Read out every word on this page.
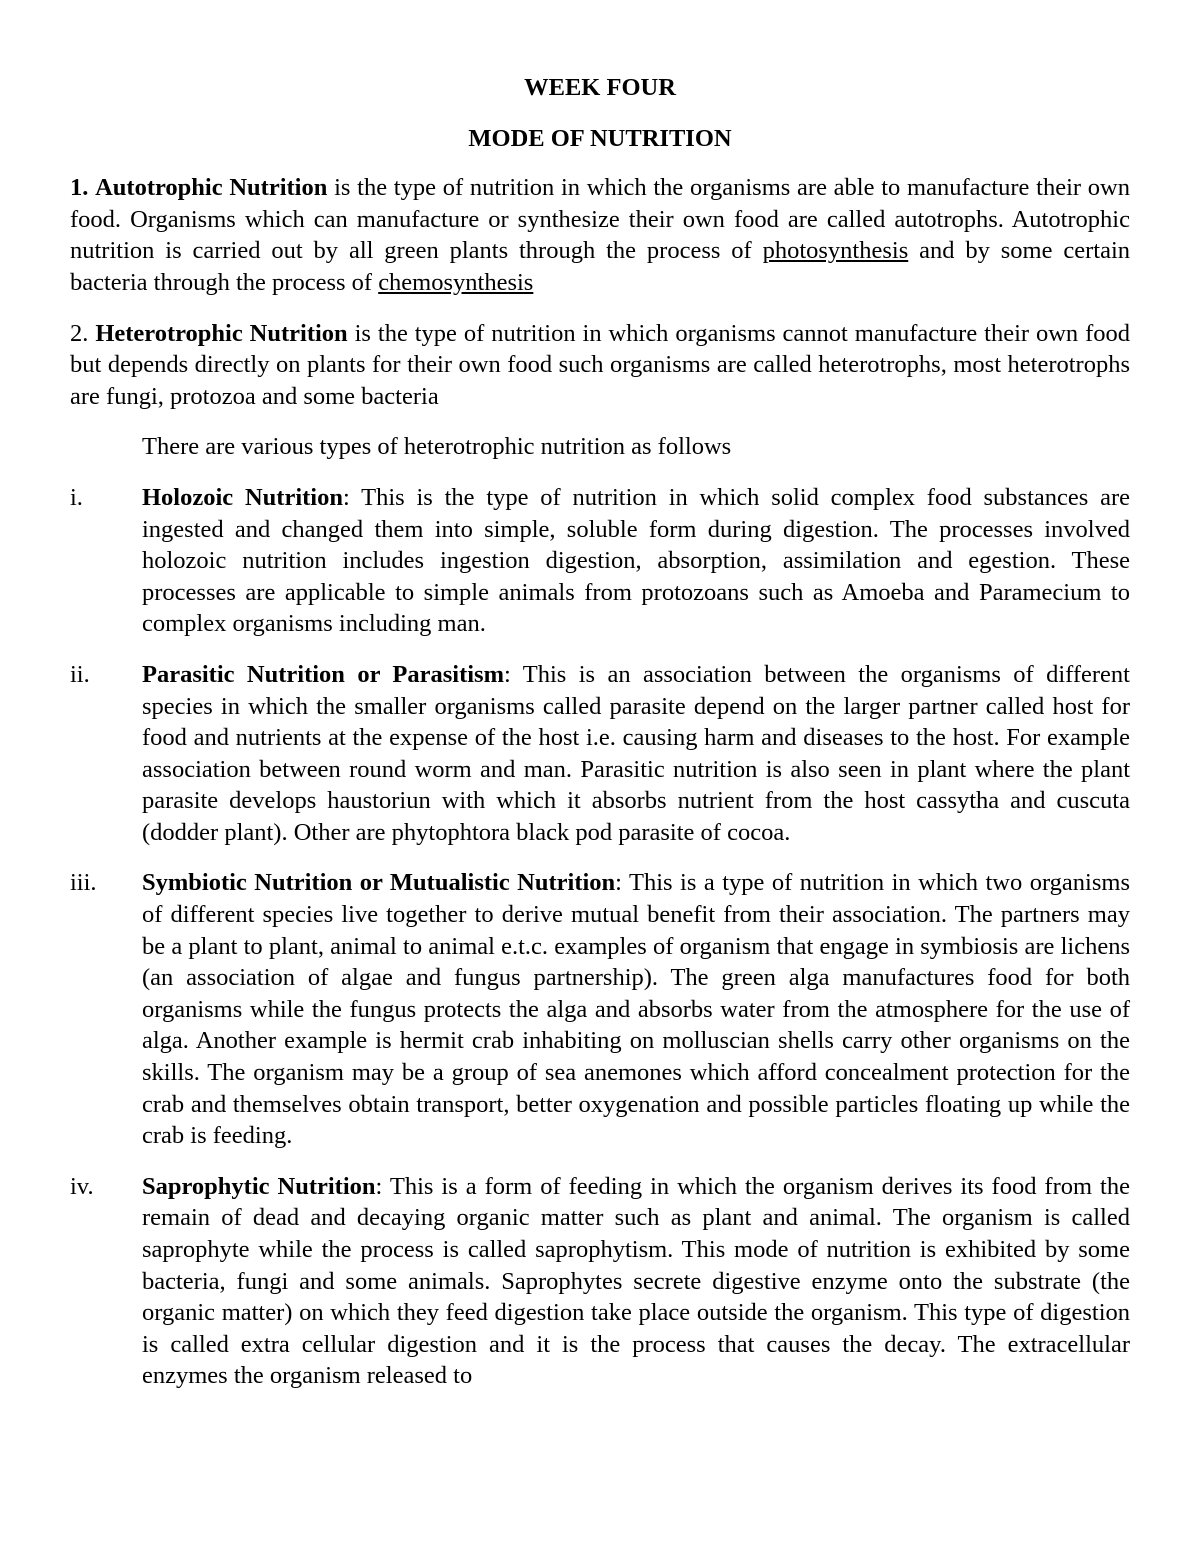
WEEK FOUR

MODE OF NUTRITION

1. Autotrophic Nutrition is the type of nutrition in which the organisms are able to manufacture their own food. Organisms which can manufacture or synthesize their own food are called autotrophs. Autotrophic nutrition is carried out by all green plants through the process of photosynthesis and by some certain bacteria through the process of chemosynthesis

2. Heterotrophic Nutrition is the type of nutrition in which organisms cannot manufacture their own food but depends directly on plants for their own food such organisms are called heterotrophs, most heterotrophs are fungi, protozoa and some bacteria

There are various types of heterotrophic nutrition as follows

i.	Holozoic Nutrition: This is the type of nutrition in which solid complex food substances are ingested and changed them into simple, soluble form during digestion. The processes involved holozoic nutrition includes ingestion digestion, absorption, assimilation and egestion. These processes are applicable to simple animals from protozoans such as Amoeba and Paramecium to complex organisms including man.
ii.	Parasitic Nutrition or Parasitism: This is an association between the organisms of different species in which the smaller organisms called parasite depend on the larger partner called host for food and nutrients at the expense of the host i.e. causing harm and diseases to the host. For example association between round worm and man. Parasitic nutrition is also seen in plant where the plant parasite develops haustoriun with which it absorbs nutrient from the host cassytha and cuscuta (dodder plant). Other are phytophtora black pod parasite of cocoa.
iii.	Symbiotic Nutrition or Mutualistic Nutrition: This is a type of nutrition in which two organisms of different species live together to derive mutual benefit from their association. The partners may be a plant to plant, animal to animal e.t.c. examples of organism that engage in symbiosis are lichens (an association of algae and fungus partnership). The green alga manufactures food for both organisms while the fungus protects the alga and absorbs water from the atmosphere for the use of alga. Another example is hermit crab inhabiting on molluscian shells carry other organisms on the skills. The organism may be a group of sea anemones which afford concealment protection for the crab and themselves obtain transport, better oxygenation and possible particles floating up while the crab is feeding.
iv.	Saprophytic Nutrition: This is a form of feeding in which the organism derives its food from the remain of dead and decaying organic matter such as plant and animal. The organism is called saprophyte while the process is called saprophytism. This mode of nutrition is exhibited by some bacteria, fungi and some animals. Saprophytes secrete digestive enzyme onto the substrate (the organic matter) on which they feed digestion take place outside the organism. This type of digestion is called extra cellular digestion and it is the process that causes the decay. The extracellular enzymes the organism released to
